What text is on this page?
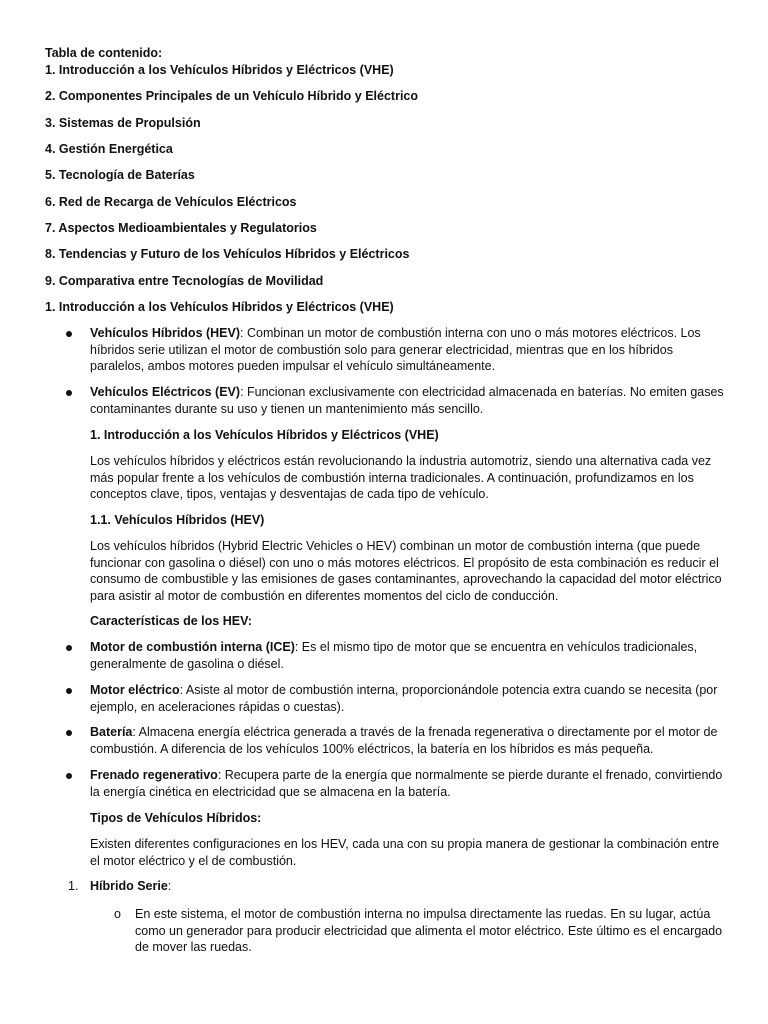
Tabla de contenido:
1. Introducción a los Vehículos Híbridos y Eléctricos (VHE)
2. Componentes Principales de un Vehículo Híbrido y Eléctrico
3. Sistemas de Propulsión
4. Gestión Energética
5. Tecnología de Baterías
6. Red de Recarga de Vehículos Eléctricos
7. Aspectos Medioambientales y Regulatorios
8. Tendencias y Futuro de los Vehículos Híbridos y Eléctricos
9. Comparativa entre Tecnologías de Movilidad
1. Introducción a los Vehículos Híbridos y Eléctricos (VHE)
Vehículos Híbridos (HEV): Combinan un motor de combustión interna con uno o más motores eléctricos. Los híbridos serie utilizan el motor de combustión solo para generar electricidad, mientras que en los híbridos paralelos, ambos motores pueden impulsar el vehículo simultáneamente.
Vehículos Eléctricos (EV): Funcionan exclusivamente con electricidad almacenada en baterías. No emiten gases contaminantes durante su uso y tienen un mantenimiento más sencillo.
1. Introducción a los Vehículos Híbridos y Eléctricos (VHE)
Los vehículos híbridos y eléctricos están revolucionando la industria automotriz, siendo una alternativa cada vez más popular frente a los vehículos de combustión interna tradicionales. A continuación, profundizamos en los conceptos clave, tipos, ventajas y desventajas de cada tipo de vehículo.
1.1. Vehículos Híbridos (HEV)
Los vehículos híbridos (Hybrid Electric Vehicles o HEV) combinan un motor de combustión interna (que puede funcionar con gasolina o diésel) con uno o más motores eléctricos. El propósito de esta combinación es reducir el consumo de combustible y las emisiones de gases contaminantes, aprovechando la capacidad del motor eléctrico para asistir al motor de combustión en diferentes momentos del ciclo de conducción.
Características de los HEV:
Motor de combustión interna (ICE): Es el mismo tipo de motor que se encuentra en vehículos tradicionales, generalmente de gasolina o diésel.
Motor eléctrico: Asiste al motor de combustión interna, proporcionándole potencia extra cuando se necesita (por ejemplo, en aceleraciones rápidas o cuestas).
Batería: Almacena energía eléctrica generada a través de la frenada regenerativa o directamente por el motor de combustión. A diferencia de los vehículos 100% eléctricos, la batería en los híbridos es más pequeña.
Frenado regenerativo: Recupera parte de la energía que normalmente se pierde durante el frenado, convirtiendo la energía cinética en electricidad que se almacena en la batería.
Tipos de Vehículos Híbridos:
Existen diferentes configuraciones en los HEV, cada una con su propia manera de gestionar la combinación entre el motor eléctrico y el de combustión.
1. Híbrido Serie:
o En este sistema, el motor de combustión interna no impulsa directamente las ruedas. En su lugar, actúa como un generador para producir electricidad que alimenta el motor eléctrico. Este último es el encargado de mover las ruedas.
